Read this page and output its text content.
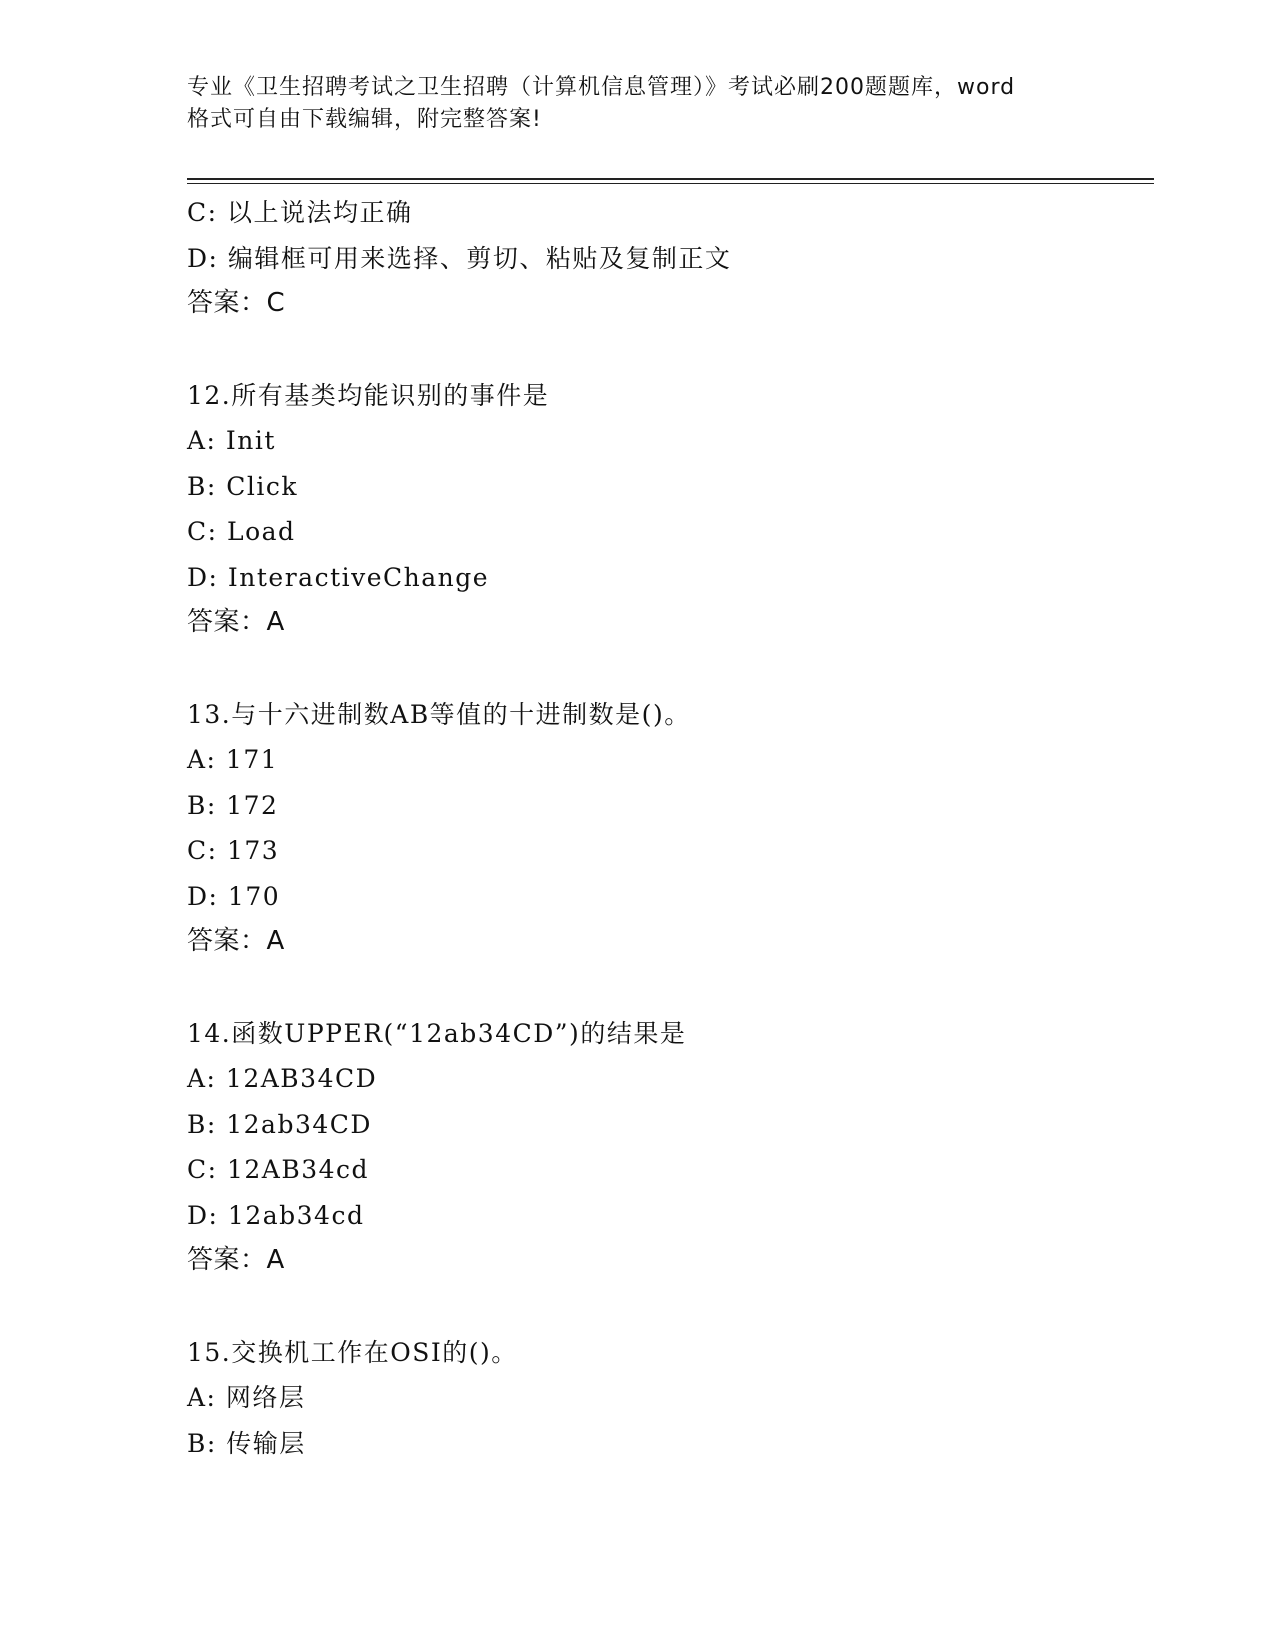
专业《卫生招聘考试之卫生招聘（计算机信息管理）》考试必刷200题题库，word
格式可自由下载编辑，附完整答案!
C: 以上说法均正确
D: 编辑框可用来选择、剪切、粘贴及复制正文
答案：C
12.所有基类均能识别的事件是
A: Init
B: Click
C: Load
D: InteractiveChange
答案：A
13.与十六进制数AB等值的十进制数是()。
A: 171
B: 172
C: 173
D: 170
答案：A
14.函数UPPER(“12ab34CD”)的结果是
A: 12AB34CD
B: 12ab34CD
C: 12AB34cd
D: 12ab34cd
答案：A
15.交换机工作在OSI的()。
A: 网络层
B: 传输层
